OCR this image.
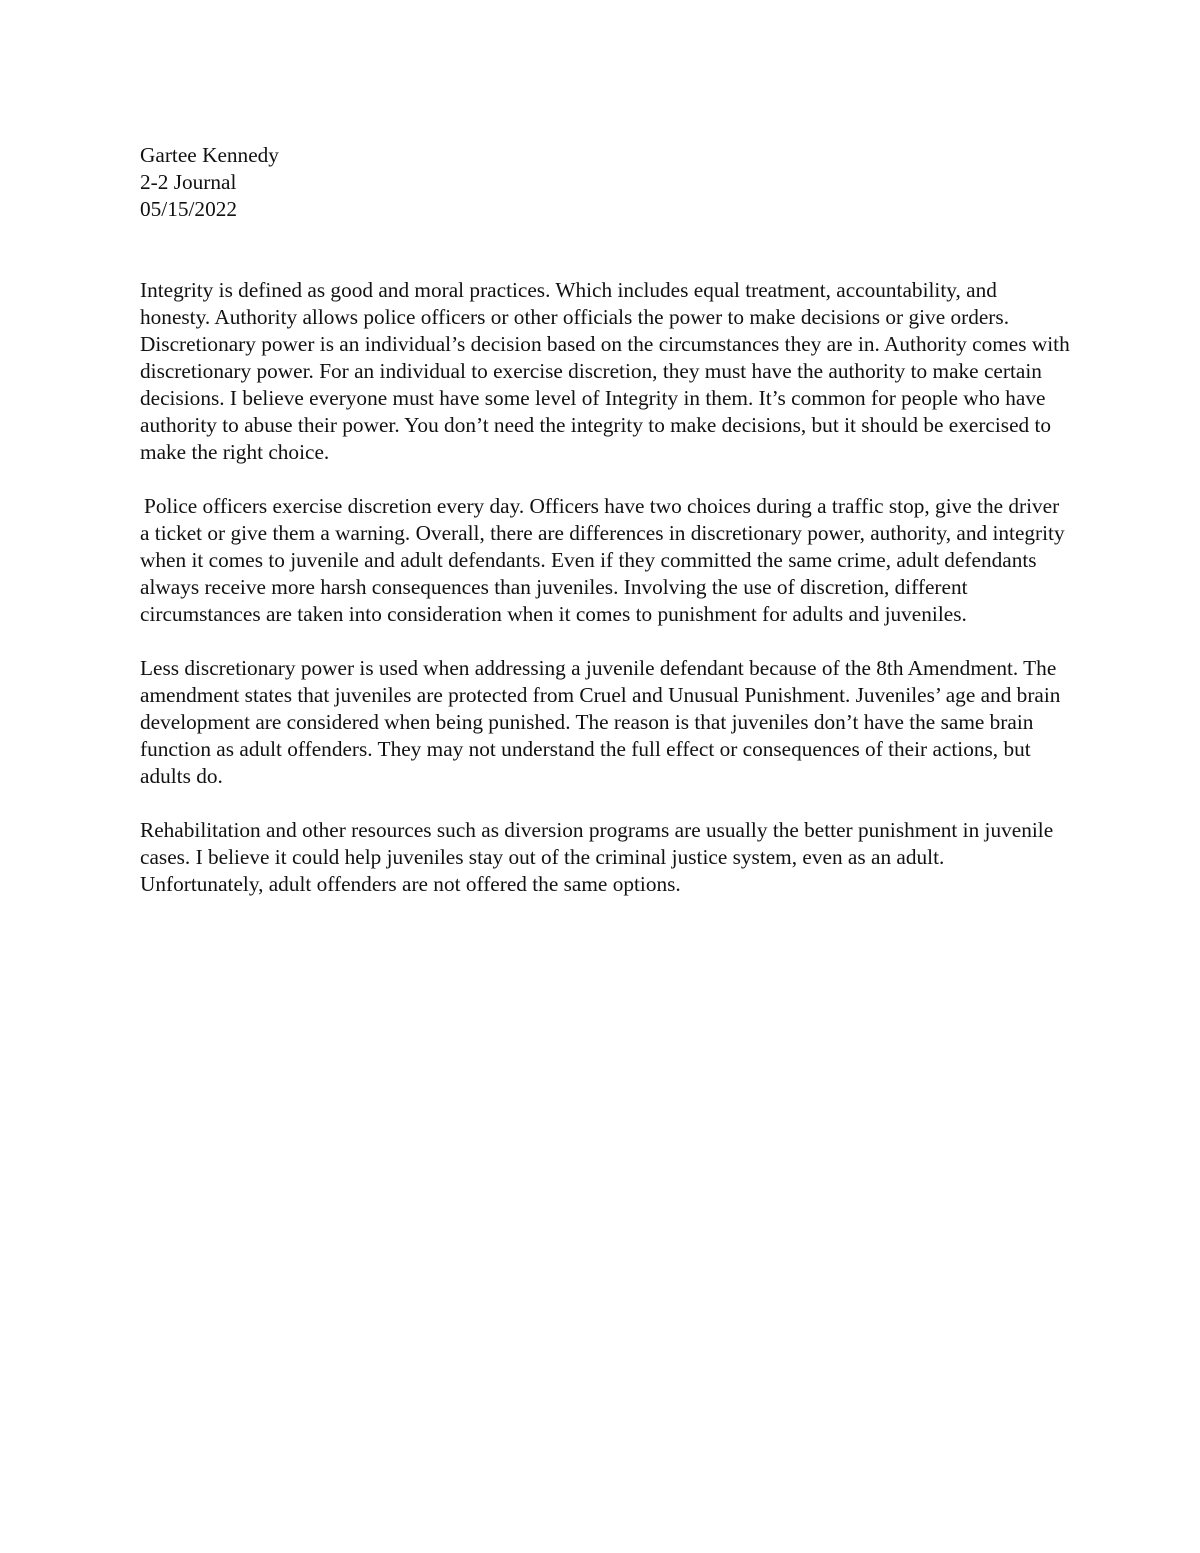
Gartee Kennedy
2-2 Journal
05/15/2022

Integrity is defined as good and moral practices. Which includes equal treatment, accountability, and honesty. Authority allows police officers or other officials the power to make decisions or give orders. Discretionary power is an individual’s decision based on the circumstances they are in. Authority comes with discretionary power. For an individual to exercise discretion, they must have the authority to make certain decisions. I believe everyone must have some level of Integrity in them. It’s common for people who have authority to abuse their power. You don’t need the integrity to make decisions, but it should be exercised to make the right choice.

Police officers exercise discretion every day. Officers have two choices during a traffic stop, give the driver a ticket or give them a warning. Overall, there are differences in discretionary power, authority, and integrity when it comes to juvenile and adult defendants. Even if they committed the same crime, adult defendants always receive more harsh consequences than juveniles. Involving the use of discretion, different circumstances are taken into consideration when it comes to punishment for adults and juveniles.

Less discretionary power is used when addressing a juvenile defendant because of the 8th Amendment. The amendment states that juveniles are protected from Cruel and Unusual Punishment. Juveniles’ age and brain development are considered when being punished. The reason is that juveniles don’t have the same brain function as adult offenders. They may not understand the full effect or consequences of their actions, but adults do.

Rehabilitation and other resources such as diversion programs are usually the better punishment in juvenile cases. I believe it could help juveniles stay out of the criminal justice system, even as an adult. Unfortunately, adult offenders are not offered the same options.
